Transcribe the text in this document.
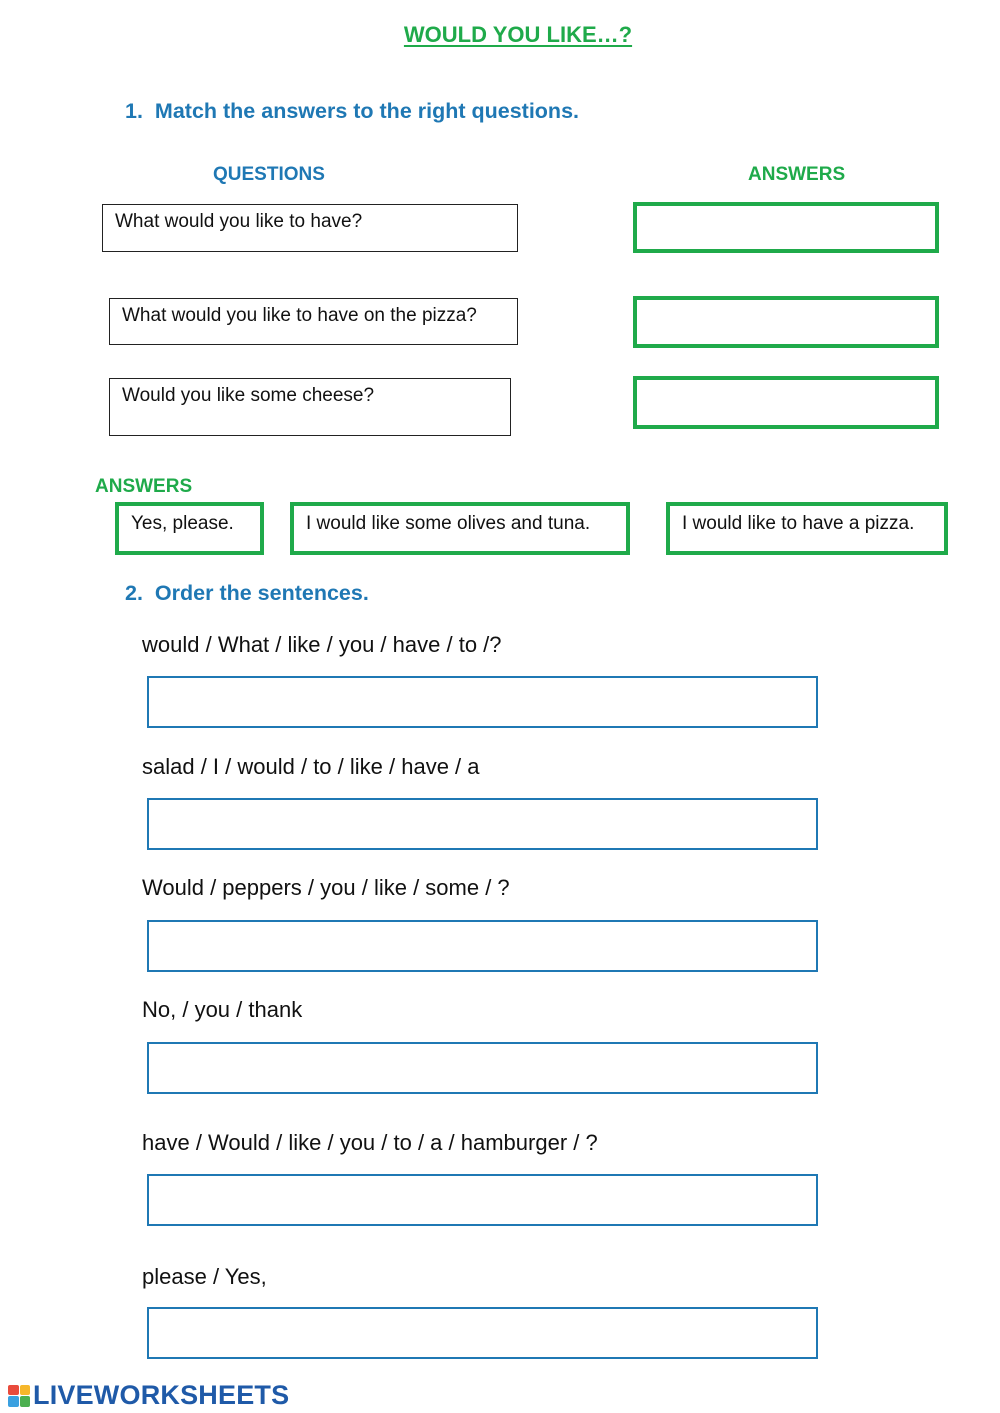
WOULD YOU LIKE…?
1. Match the answers to the right questions.
QUESTIONS	ANSWERS
What would you like to have?
What would you like to have on the pizza?
Would you like some cheese?
ANSWERS
Yes, please.	I would like some olives and tuna.	I would like to have a pizza.
2. Order the sentences.
would / What / like / you / have / to /?
salad / I / would / to / like / have / a
Would / peppers / you / like / some / ?
No, / you / thank
have / Would / like / you / to / a / hamburger / ?
please / Yes,
LIVEWORKSHEETS
